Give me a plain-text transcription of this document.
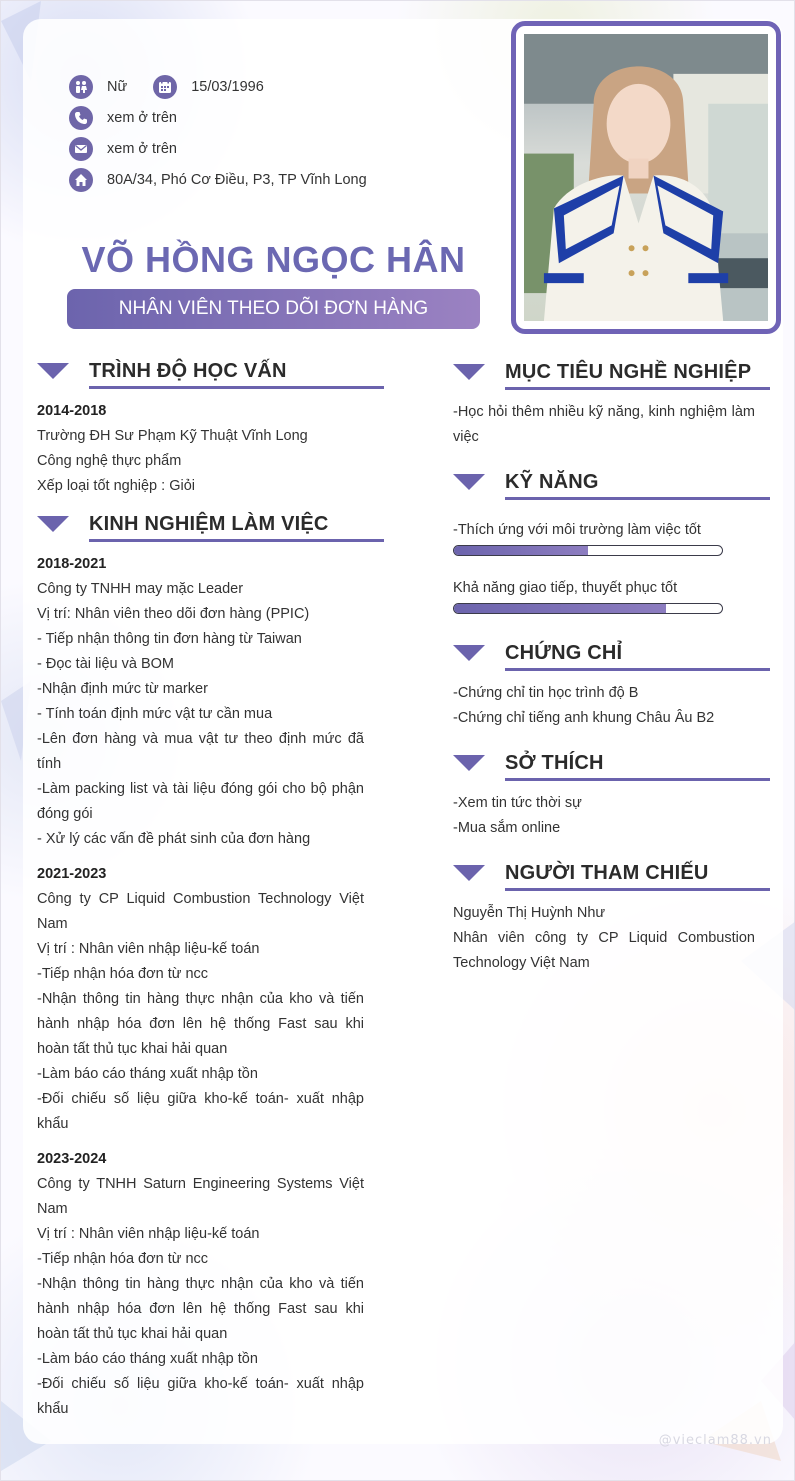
Nữ	15/03/1996
xem ở trên
xem ở trên
80A/34, Phó Cơ Điều, P3, TP Vĩnh Long
VÕ HỒNG NGỌC HÂN
NHÂN VIÊN THEO DÕI ĐƠN HÀNG
TRÌNH ĐỘ HỌC VẤN
2014-2018
Trường ĐH Sư Phạm Kỹ Thuật Vĩnh Long
Công nghệ thực phẩm
Xếp loại tốt nghiệp : Giỏi
KINH NGHIỆM LÀM VIỆC
2018-2021
Công ty TNHH may mặc Leader
Vị trí: Nhân viên theo dõi đơn hàng (PPIC)
- Tiếp nhận thông tin đơn hàng từ Taiwan
- Đọc tài liệu và BOM
-Nhận định mức từ marker
- Tính toán định mức vật tư cần mua
-Lên đơn hàng và mua vật tư theo định mức đã tính
-Làm packing list và tài liệu đóng gói cho bộ phận đóng gói
- Xử lý các vấn đề phát sinh của đơn hàng
2021-2023
Công ty CP Liquid Combustion Technology Việt Nam
Vị trí : Nhân viên nhập liệu-kế toán
-Tiếp nhận hóa đơn từ ncc
-Nhận thông tin hàng thực nhận của kho và tiến hành nhập hóa đơn lên hệ thống Fast sau khi hoàn tất thủ tục khai hải quan
-Làm báo cáo tháng xuất nhập tồn
-Đối chiếu số liệu giữa kho-kế toán- xuất nhập khẩu
2023-2024
Công ty TNHH Saturn Engineering Systems Việt Nam
Vị trí : Nhân viên nhập liệu-kế toán
-Tiếp nhận hóa đơn từ ncc
-Nhận thông tin hàng thực nhận của kho và tiến hành nhập hóa đơn lên hệ thống Fast sau khi hoàn tất thủ tục khai hải quan
-Làm báo cáo tháng xuất nhập tồn
-Đối chiếu số liệu giữa kho-kế toán- xuất nhập khẩu
MỤC TIÊU NGHỀ NGHIỆP
-Học hỏi thêm nhiều kỹ năng, kinh nghiệm làm việc
KỸ NĂNG
-Thích ứng với môi trường làm việc tốt
Khả năng giao tiếp, thuyết phục tốt
CHỨNG CHỈ
-Chứng chỉ tin học trình độ B
-Chứng chỉ tiếng anh khung Châu Âu B2
SỞ THÍCH
-Xem tin tức thời sự
-Mua sắm online
NGƯỜI THAM CHIẾU
Nguyễn Thị Huỳnh Như
Nhân viên công ty CP Liquid Combustion Technology Việt Nam
@vieclam88.vn
